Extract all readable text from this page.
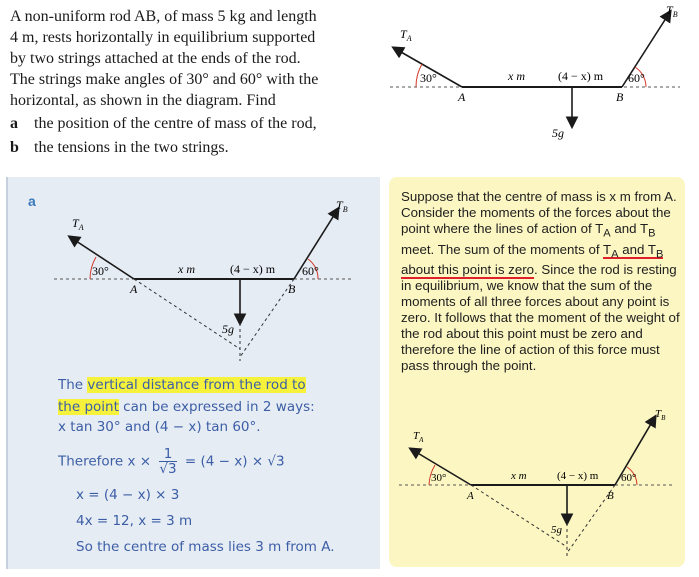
A non-uniform rod AB, of mass 5 kg and length

4 m, rests horizontally in equilibrium supported

by two strings attached at the ends of the rod.

The strings make angles of 30° and 60° with the

horizontal, as shown in the diagram. Find

a the position of the centre of mass of the rod,
b the tensions in the two strings.
$T_A$
$T_B$
30°	60°
x m	(4 − x) m
A	B
5g
a
$T_A$
$T_B$
30°	60°
x m	(4 − x) m
A	B
5g
The vertical distance from the rod to
the point can be expressed in 2 ways:
x tan 30° and (4 − x) tan 60°.
Therefore $x \times \frac{1}{√3} = (4 - x) \times √3$
x = (4 − x) × 3
4x = 12, x = 3 m
So the centre of mass lies 3 m from A.
Suppose that the centre of mass is x m from A. Consider the moments of the forces about the point where the lines of action of $T_A$ and $T_B$ meet. The sum of the moments of $T_A$ and $T_B$ about this point is zero. Since the rod is resting in equilibrium, we know that the sum of the moments of all three forces about any point is zero. It follows that the moment of the weight of the rod about this point must be zero and therefore the line of action of this force must pass through the point.
$T_A$
$T_B$
30°	60°
x m	(4 − x) m
A	B
5g
